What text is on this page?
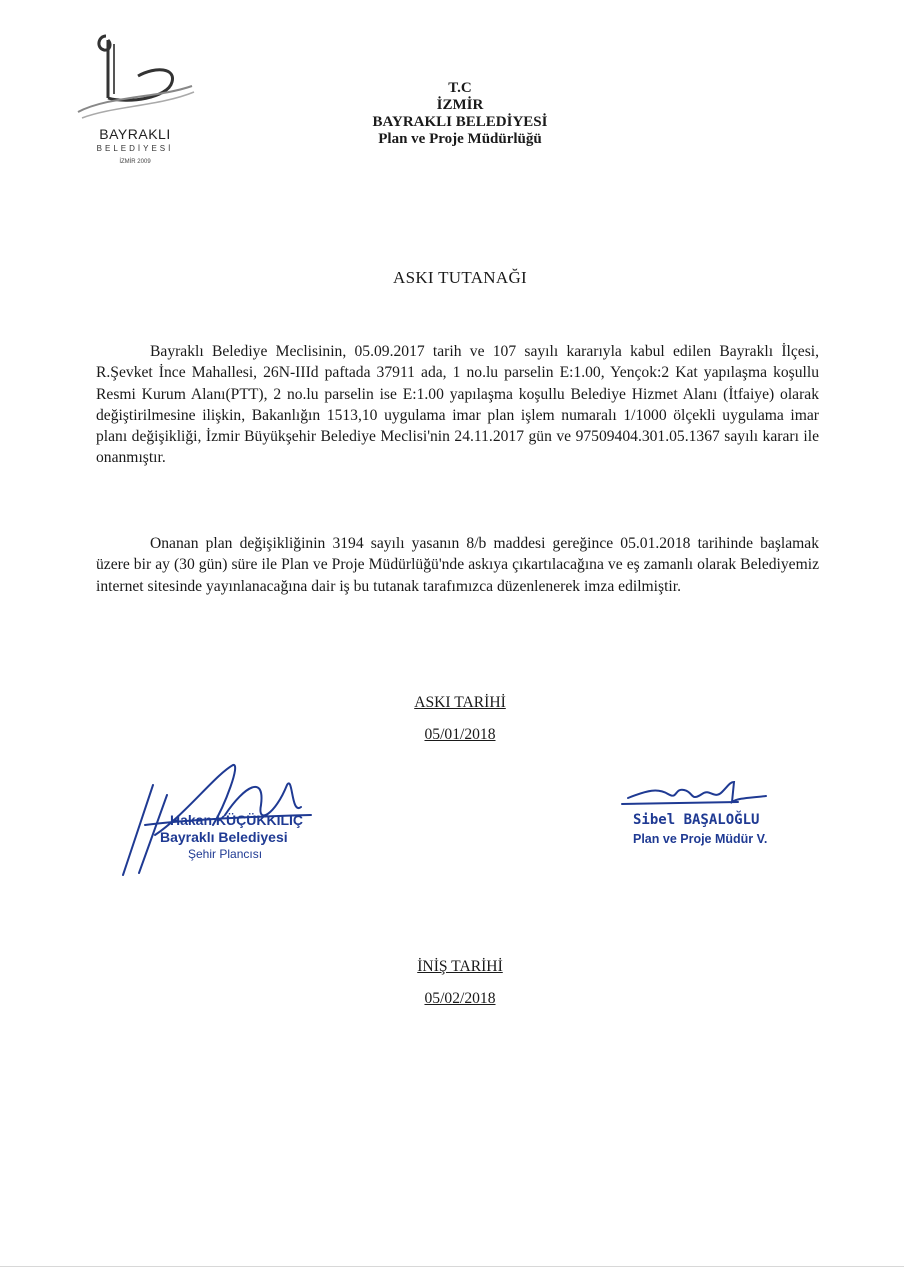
BAYRAKLI
BELEDİYESİ
İZMİR 2009
T.C
İZMİR
BAYRAKLI BELEDİYESİ
Plan ve Proje Müdürlüğü
ASKI TUTANAĞI

Bayraklı Belediye Meclisinin, 05.09.2017 tarih ve 107 sayılı kararıyla kabul edilen Bayraklı İlçesi, R.Şevket İnce Mahallesi, 26N-IIId paftada 37911 ada, 1 no.lu parselin E:1.00, Yençok:2 Kat yapılaşma koşullu Resmi Kurum Alanı(PTT), 2 no.lu parselin ise E:1.00 yapılaşma koşullu Belediye Hizmet Alanı (İtfaiye) olarak değiştirilmesine ilişkin, Bakanlığın 1513,10 uygulama imar plan işlem numaralı 1/1000 ölçekli uygulama imar planı değişikliği, İzmir Büyükşehir Belediye Meclisi'nin 24.11.2017 gün ve 97509404.301.05.1367 sayılı kararı ile onanmıştır.

Onanan plan değişikliğinin 3194 sayılı yasanın 8/b maddesi gereğince 05.01.2018 tarihinde başlamak üzere bir ay (30 gün) süre ile Plan ve Proje Müdürlüğü'nde askıya çıkartılacağına ve eş zamanlı olarak Belediyemiz internet sitesinde yayınlanacağına dair iş bu tutanak tarafımızca düzenlenerek imza edilmiştir.

ASKI TARİHİ
05/01/2018
Hakan KÜÇÜKKILIÇ
Bayraklı Belediyesi
Şehir Plancısı
Sibel BAŞALOĞLU
Plan ve Proje Müdür V.
İNİŞ TARİHİ
05/02/2018
